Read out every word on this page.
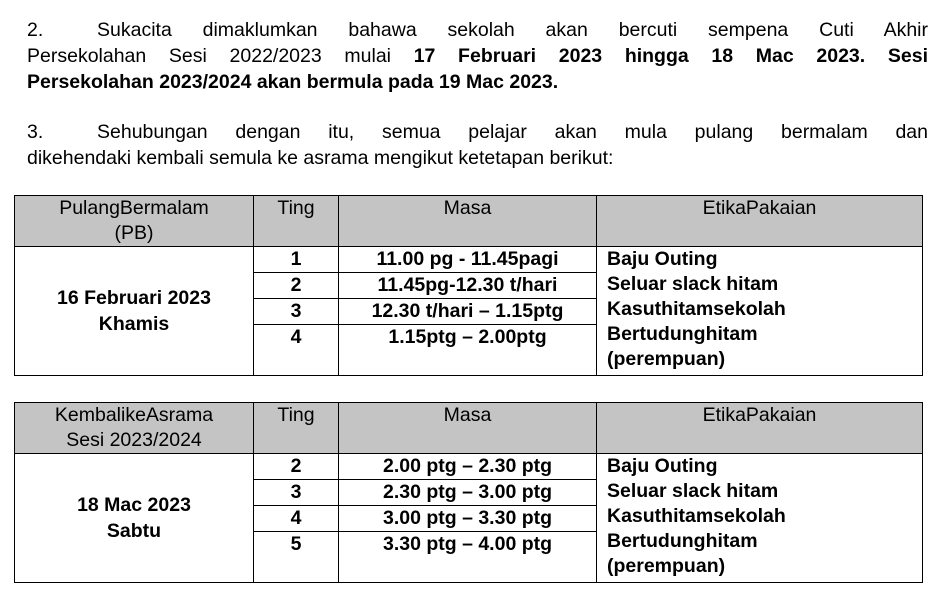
2.	Sukacita dimaklumkan bahawa sekolah akan bercuti sempena Cuti Akhir
Persekolahan Sesi 2022/2023 mulai 17 Februari 2023 hingga 18 Mac 2023. Sesi
Persekolahan 2023/2024 akan bermula pada 19 Mac 2023.
3.	Sehubungan dengan itu, semua pelajar akan mula pulang bermalam dan
dikehendaki kembali semula ke asrama mengikut ketetapan berikut:
PulangBermalam
(PB)	Ting	Masa	EtikaPakaian
16 Februari 2023
Khamis	1	11.00 pg - 11.45pagi	Baju Outing
Seluar slack hitam
Kasuthitamsekolah
Bertudunghitam
(perempuan)
	2	11.45pg-12.30 t/hari	
	3	12.30 t/hari – 1.15ptg	
	4	1.15ptg – 2.00ptg	
KembalikeAsrama
Sesi 2023/2024	Ting	Masa	EtikaPakaian
18 Mac 2023
Sabtu	2	2.00 ptg – 2.30 ptg	Baju Outing
Seluar slack hitam
Kasuthitamsekolah
Bertudunghitam
(perempuan)
	3	2.30 ptg – 3.00 ptg	
	4	3.00 ptg – 3.30 ptg	
	5	3.30 ptg – 4.00 ptg	
